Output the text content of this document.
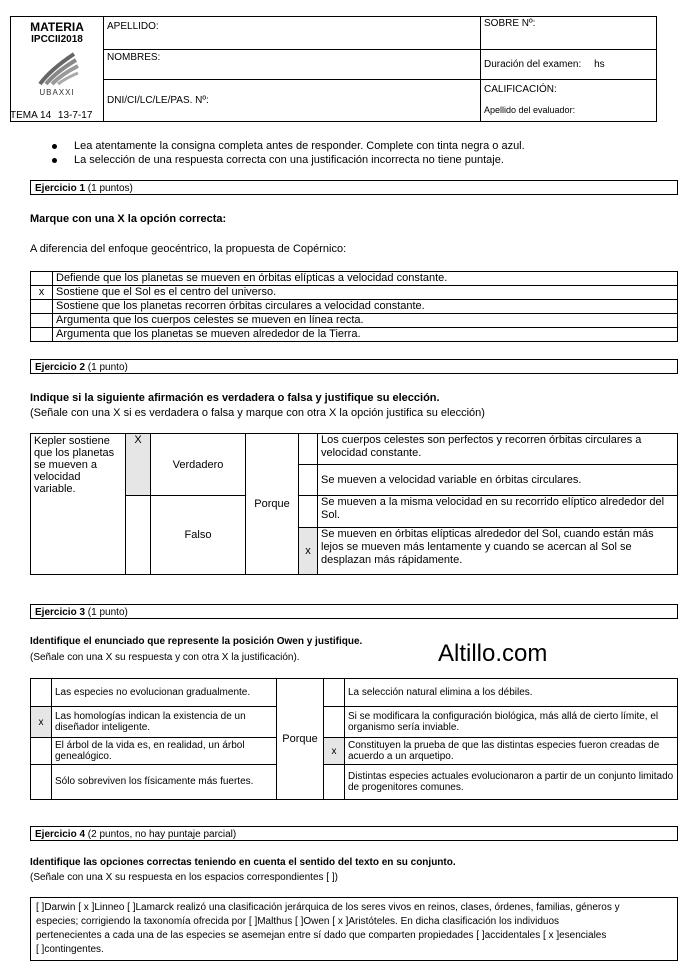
MATERIA
IPCCII2018	APELLIDO:	SOBRE Nº:

UBAXXI	NOMBRES:	Duración del examen: hs
	DNI/CI/LC/LE/PAS. Nº:	CALIFICACIÓN:
Apellido del evaluador:
TEMA 14 13-7-17
Lea atentamente la consigna completa antes de responder. Complete con tinta negra o azul.
La selección de una respuesta correcta con una justificación incorrecta no tiene puntaje.
Ejercicio 1 (1 puntos)
Marque con una X la opción correcta:
A diferencia del enfoque geocéntrico, la propuesta de Copérnico:
	Defiende que los planetas se mueven en órbitas elípticas a velocidad constante.
x	Sostiene que el Sol es el centro del universo.
	Sostiene que los planetas recorren órbitas circulares a velocidad constante.
	Argumenta que los cuerpos celestes se mueven en línea recta.
	Argumenta que los planetas se mueven alrededor de la Tierra.
Ejercicio 2 (1 punto)
Indique si la siguiente afirmación es verdadera o falsa y justifique su elección.
(Señale con una X si es verdadera o falsa y marque con otra X la opción justifica su elección)
Kepler sostiene que los planetas se mueven a velocidad variable.	X	Verdadero	Porque		Los cuerpos celestes son perfectos y recorren órbitas circulares a velocidad constante.
					Se mueven a velocidad variable en órbitas circulares.
		Falso			Se mueven a la misma velocidad en su recorrido elíptico alrededor del Sol.
				x	Se mueven en órbitas elípticas alrededor del Sol, cuando están más lejos se mueven más lentamente y cuando se acercan al Sol se desplazan más rápidamente.
Ejercicio 3 (1 punto)
Identifique el enunciado que represente la posición Owen y justifique.
(Señale con una X su respuesta y con otra X la justificación).	Altillo.com
	Las especies no evolucionan gradualmente.	Porque		La selección natural elimina a los débiles.
x	Las homologías indican la existencia de un diseñador inteligente.			Si se modificara la configuración biológica, más allá de cierto límite, el organismo sería inviable.
	El árbol de la vida es, en realidad, un árbol genealógico.		x	Constituyen la prueba de que las distintas especies fueron creadas de acuerdo a un arquetipo.
	Sólo sobreviven los físicamente más fuertes.			Distintas especies actuales evolucionaron a partir de un conjunto limitado de progenitores comunes.
Ejercicio 4 (2 puntos, no hay puntaje parcial)
Identifique las opciones correctas teniendo en cuenta el sentido del texto en su conjunto.
(Señale con una X su respuesta en los espacios correspondientes [ ])
[ ]Darwin [ x ]Linneo [ ]Lamarck realizó una clasificación jerárquica de los seres vivos en reinos, clases, órdenes, familias, géneros y
especies; corrigiendo la taxonomía ofrecida por [ ]Malthus [ ]Owen [ x ]Aristóteles. En dicha clasificación los individuos
pertenecientes a cada una de las especies se asemejan entre sí dado que comparten propiedades [ ]accidentales [ x ]esenciales
[ ]contingentes.
